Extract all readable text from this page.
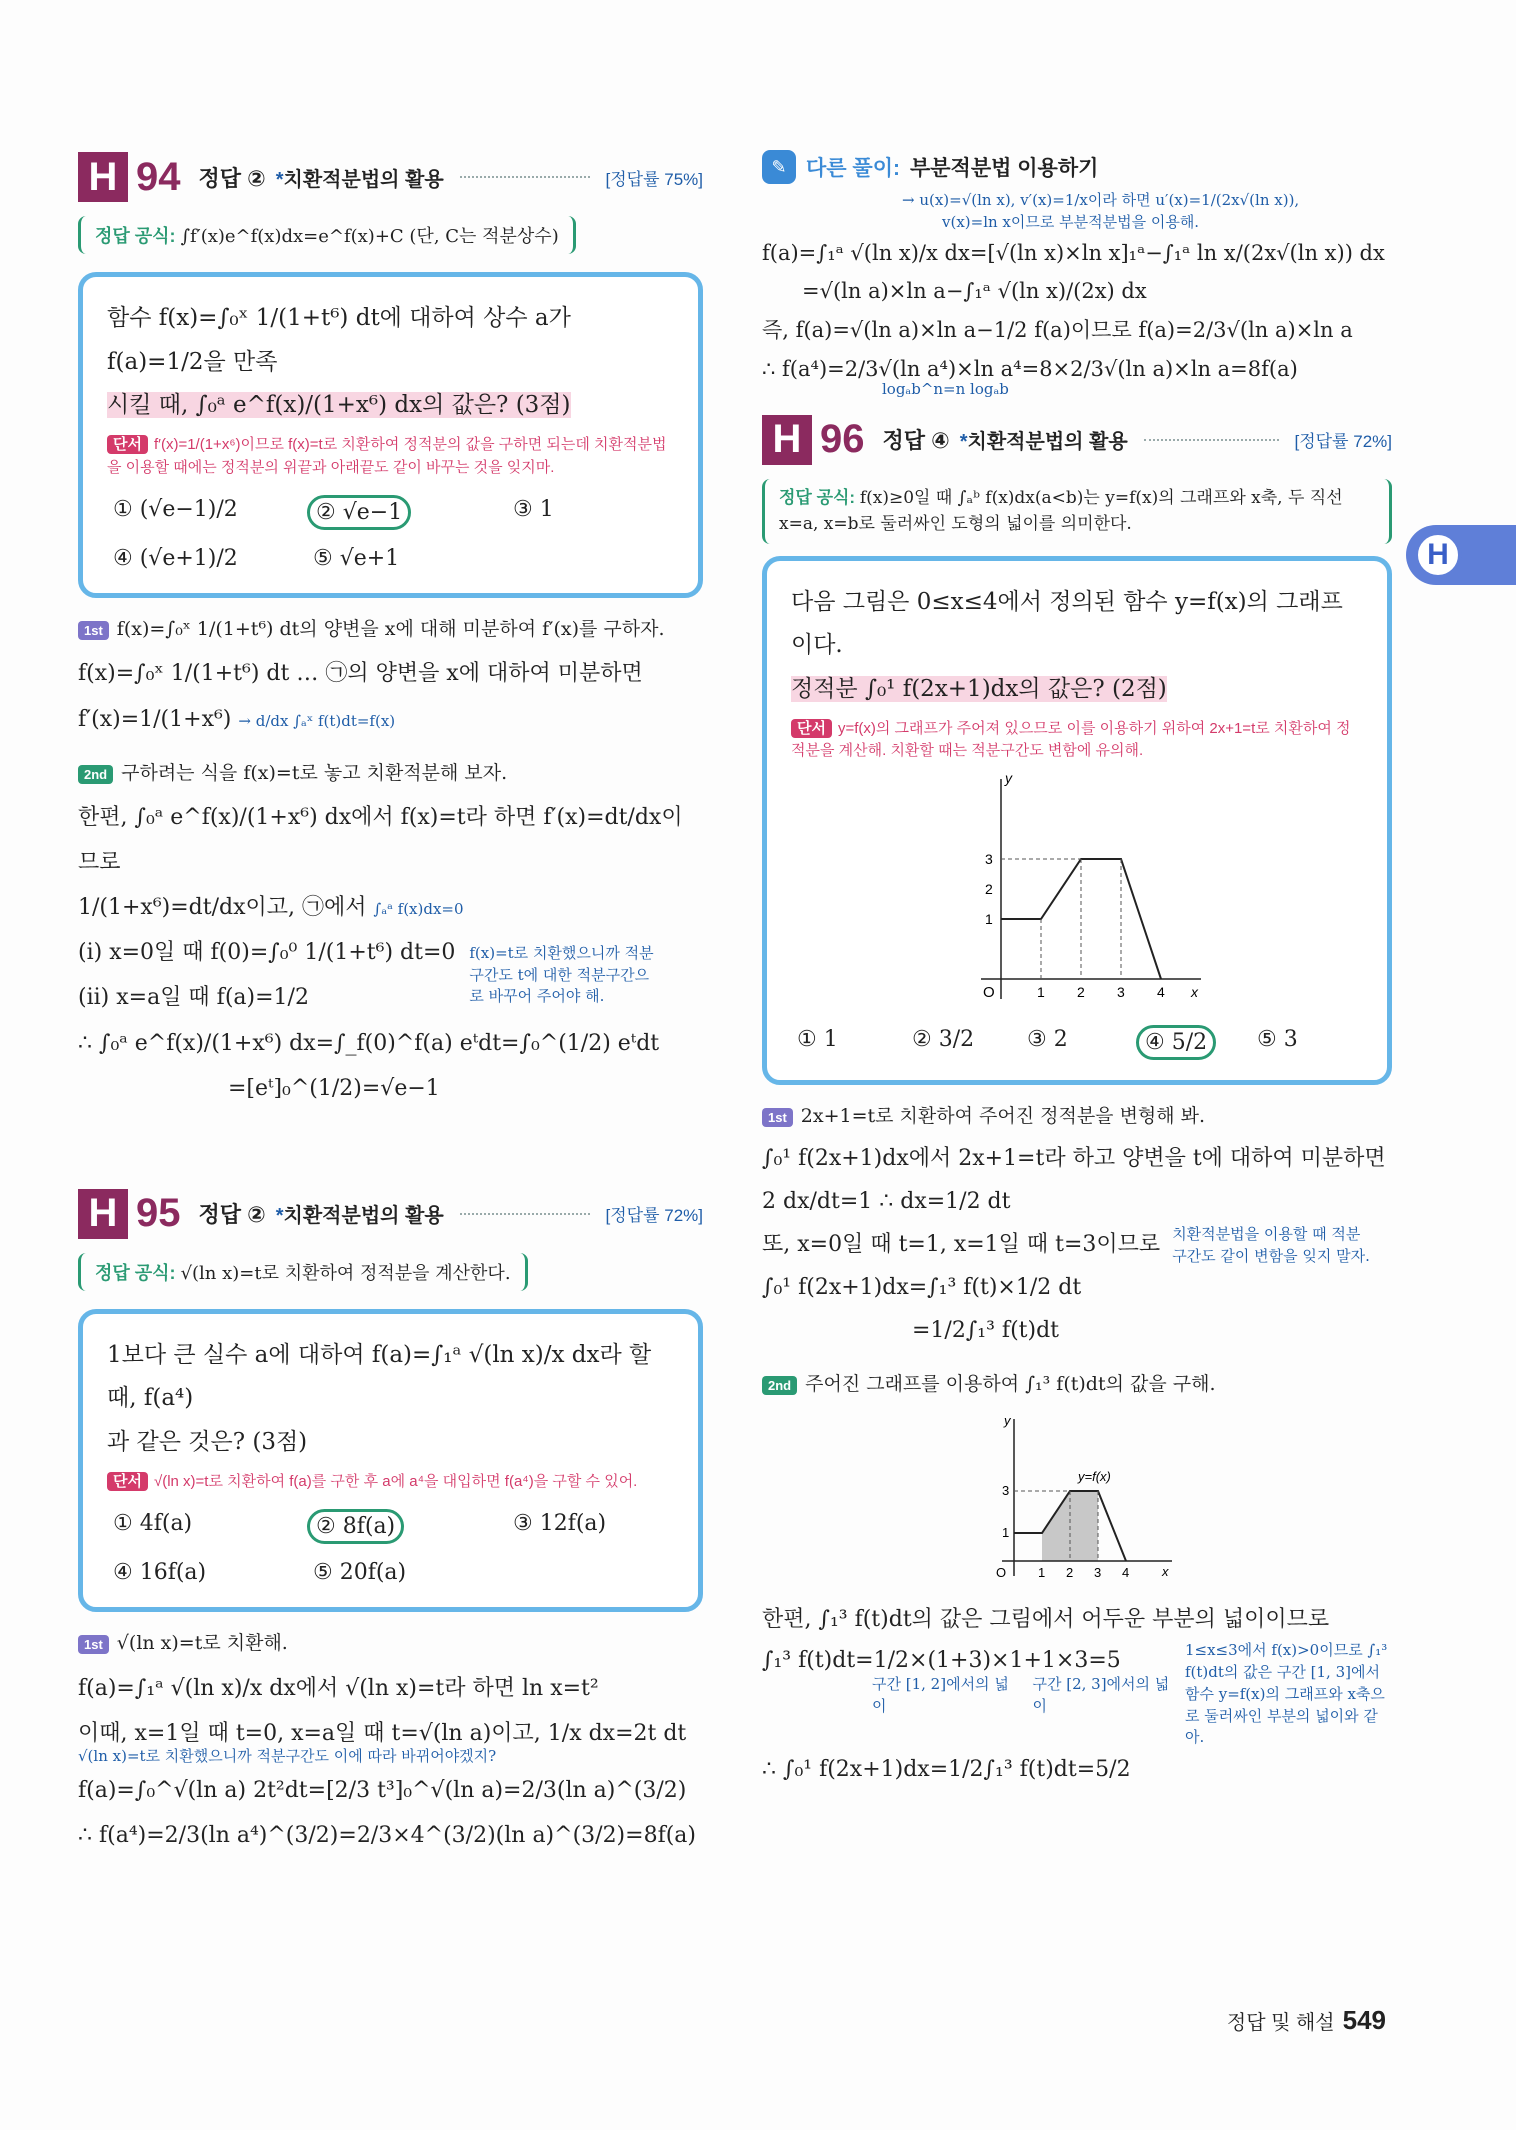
H 94 정답 ② *치환적분법의 활용	[정답률 75%]
정답 공식: ∫f′(x)e^f(x)dx=e^f(x)+C (단, C는 적분상수)
함수 f(x)=∫₀ˣ 1/(1+t⁶) dt에 대하여 상수 a가 f(a)=1/2을 만족
시킬 때, ∫₀ᵃ e^f(x)/(1+x⁶) dx의 값은? (3점)
단서 f′(x)=1/(1+x⁶)이므로 f(x)=t로 치환하여 정적분의 값을 구하면 되는데 치환적분법을 이용할 때에는 정적분의 위끝과 아래끝도 같이 바꾸는 것을 잊지마.
① (√e−1)/2	② √e−1	③ 1
④ (√e+1)/2	⑤ √e+1
1st f(x)=∫₀ˣ 1/(1+t⁶) dt의 양변을 x에 대해 미분하여 f′(x)를 구하자.
f(x)=∫₀ˣ 1/(1+t⁶) dt … ㉠의 양변을 x에 대하여 미분하면
f′(x)=1/(1+x⁶) → d/dx ∫ₐˣ f(t)dt=f(x)
2nd 구하려는 식을 f(x)=t로 놓고 치환적분해 보자.
한편, ∫₀ᵃ e^f(x)/(1+x⁶) dx에서 f(x)=t라 하면 f′(x)=dt/dx이므로
1/(1+x⁶)=dt/dx이고, ㉠에서 ∫ₐᵃ f(x)dx=0
(i) x=0일 때 f(0)=∫₀⁰ 1/(1+t⁶) dt=0
(ii) x=a일 때 f(a)=1/2
f(x)=t로 치환했으니까 적분구간도 t에 대한 적분구간으로 바꾸어 주어야 해.
∴ ∫₀ᵃ e^f(x)/(1+x⁶) dx=∫_f(0)^f(a) eᵗdt=∫₀^(1/2) eᵗdt
=[eᵗ]₀^(1/2)=√e−1
H 95 정답 ② *치환적분법의 활용	[정답률 72%]
정답 공식: √(ln x)=t로 치환하여 정적분을 계산한다.
1보다 큰 실수 a에 대하여 f(a)=∫₁ᵃ √(ln x)/x dx라 할 때, f(a⁴)
과 같은 것은? (3점)
단서 √(ln x)=t로 치환하여 f(a)를 구한 후 a에 a⁴을 대입하면 f(a⁴)을 구할 수 있어.
① 4f(a)	② 8f(a)	③ 12f(a)
④ 16f(a)	⑤ 20f(a)
1st √(ln x)=t로 치환해.
f(a)=∫₁ᵃ √(ln x)/x dx에서 √(ln x)=t라 하면 ln x=t²
이때, x=1일 때 t=0, x=a일 때 t=√(ln a)이고, 1/x dx=2t dt
√(ln x)=t로 치환했으니까 적분구간도 이에 따라 바뀌어야겠지?
f(a)=∫₀^√(ln a) 2t²dt=[2/3 t³]₀^√(ln a)=2/3(ln a)^(3/2)
∴ f(a⁴)=2/3(ln a⁴)^(3/2)=2/3×4^(3/2)(ln a)^(3/2)=8f(a)
✎ 다른 풀이: 부분적분법 이용하기
→ u(x)=√(ln x), v′(x)=1/x이라 하면 u′(x)=1/(2x√(ln x)),
v(x)=ln x이므로 부분적분법을 이용해.
f(a)=∫₁ᵃ √(ln x)/x dx=[√(ln x)×ln x]₁ᵃ−∫₁ᵃ ln x/(2x√(ln x)) dx
=√(ln a)×ln a−∫₁ᵃ √(ln x)/(2x) dx
즉, f(a)=√(ln a)×ln a−1/2 f(a)이므로 f(a)=2/3√(ln a)×ln a
∴ f(a⁴)=2/3√(ln a⁴)×ln a⁴=8×2/3√(ln a)×ln a=8f(a)
logₐb^n=n logₐb
H 96 정답 ④ *치환적분법의 활용	[정답률 72%]
정답 공식: f(x)≥0일 때 ∫ₐᵇ f(x)dx(a<b)는 y=f(x)의 그래프와 x축, 두 직선 x=a, x=b로 둘러싸인 도형의 넓이를 의미한다.
다음 그림은 0≤x≤4에서 정의된 함수 y=f(x)의 그래프이다.
정적분 ∫₀¹ f(2x+1)dx의 값은? (2점)
단서 y=f(x)의 그래프가 주어져 있으므로 이를 이용하기 위하여 2x+1=t로 치환하여 정적분을 계산해. 치환할 때는 적분구간도 변함에 유의해.
y
x
O	1 2 3 4
1
2
3
① 1	② 3/2	③ 2	④ 5/2	⑤ 3
1st 2x+1=t로 치환하여 주어진 정적분을 변형해 봐.
∫₀¹ f(2x+1)dx에서 2x+1=t라 하고 양변을 t에 대하여 미분하면
2 dx/dt=1 ∴ dx=1/2 dt
또, x=0일 때 t=1, x=1일 때 t=3이므로 치환적분법을 이용할 때 적분구간도 같이 변함을 잊지 말자.
∫₀¹ f(2x+1)dx=∫₁³ f(t)×1/2 dt
=1/2∫₁³ f(t)dt
2nd 주어진 그래프를 이용하여 ∫₁³ f(t)dt의 값을 구해.
y
x
O 1 2 3 4
1
3
y=f(x)
한편, ∫₁³ f(t)dt의 값은 그림에서 어두운 부분의 넓이이므로
∫₁³ f(t)dt=1/2×(1+3)×1+1×3=5
구간 [1, 2]에서의 넓이
구간 [2, 3]에서의 넓이
1≤x≤3에서 f(x)>0이므로 ∫₁³ f(t)dt의 값은 구간 [1, 3]에서 함수 y=f(x)의 그래프와 x축으로 둘러싸인 부분의 넓이와 같아.
∴ ∫₀¹ f(2x+1)dx=1/2∫₁³ f(t)dt=5/2
H
정답 및 해설 549
